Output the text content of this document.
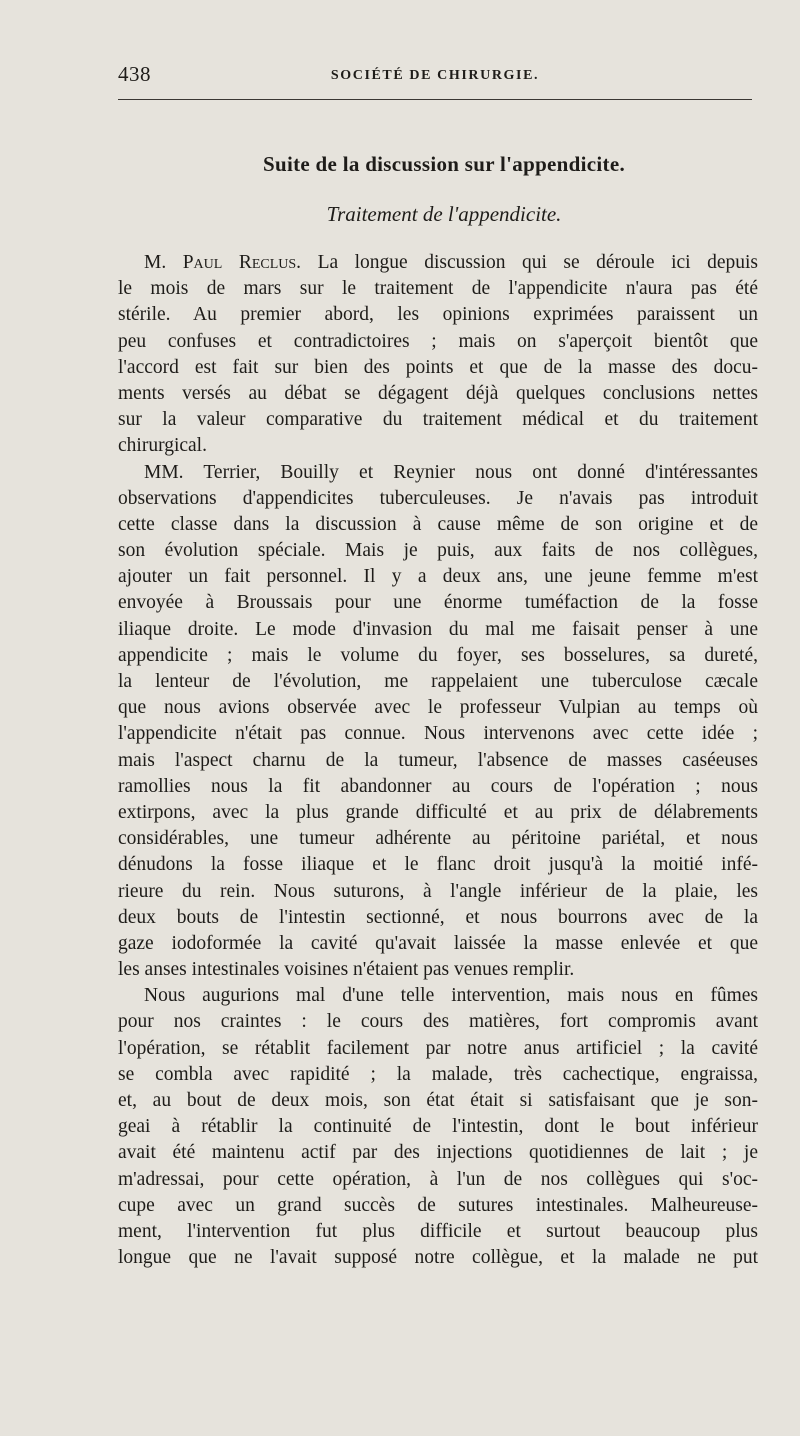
438	SOCIÉTÉ DE CHIRURGIE.
Suite de la discussion sur l'appendicite.
Traitement de l'appendicite.
M. Paul Reclus. La longue discussion qui se déroule ici depuis
le mois de mars sur le traitement de l'appendicite n'aura pas été
stérile. Au premier abord, les opinions exprimées paraissent un
peu confuses et contradictoires ; mais on s'aperçoit bientôt que
l'accord est fait sur bien des points et que de la masse des docu-
ments versés au débat se dégagent déjà quelques conclusions nettes
sur la valeur comparative du traitement médical et du traitement
chirurgical.
MM. Terrier, Bouilly et Reynier nous ont donné d'intéressantes
observations d'appendicites tuberculeuses. Je n'avais pas introduit
cette classe dans la discussion à cause même de son origine et de
son évolution spéciale. Mais je puis, aux faits de nos collègues,
ajouter un fait personnel. Il y a deux ans, une jeune femme m'est
envoyée à Broussais pour une énorme tuméfaction de la fosse
iliaque droite. Le mode d'invasion du mal me faisait penser à une
appendicite ; mais le volume du foyer, ses bosselures, sa dureté,
la lenteur de l'évolution, me rappelaient une tuberculose cæcale
que nous avions observée avec le professeur Vulpian au temps où
l'appendicite n'était pas connue. Nous intervenons avec cette idée ;
mais l'aspect charnu de la tumeur, l'absence de masses caséeuses
ramollies nous la fit abandonner au cours de l'opération ; nous
extirpons, avec la plus grande difficulté et au prix de délabrements
considérables, une tumeur adhérente au péritoine pariétal, et nous
dénudons la fosse iliaque et le flanc droit jusqu'à la moitié infé-
rieure du rein. Nous suturons, à l'angle inférieur de la plaie, les
deux bouts de l'intestin sectionné, et nous bourrons avec de la
gaze iodoformée la cavité qu'avait laissée la masse enlevée et que
les anses intestinales voisines n'étaient pas venues remplir.
Nous augurions mal d'une telle intervention, mais nous en fûmes
pour nos craintes : le cours des matières, fort compromis avant
l'opération, se rétablit facilement par notre anus artificiel ; la cavité
se combla avec rapidité ; la malade, très cachectique, engraissa,
et, au bout de deux mois, son état était si satisfaisant que je son-
geai à rétablir la continuité de l'intestin, dont le bout inférieur
avait été maintenu actif par des injections quotidiennes de lait ; je
m'adressai, pour cette opération, à l'un de nos collègues qui s'oc-
cupe avec un grand succès de sutures intestinales. Malheureuse-
ment, l'intervention fut plus difficile et surtout beaucoup plus
longue que ne l'avait supposé notre collègue, et la malade ne put
